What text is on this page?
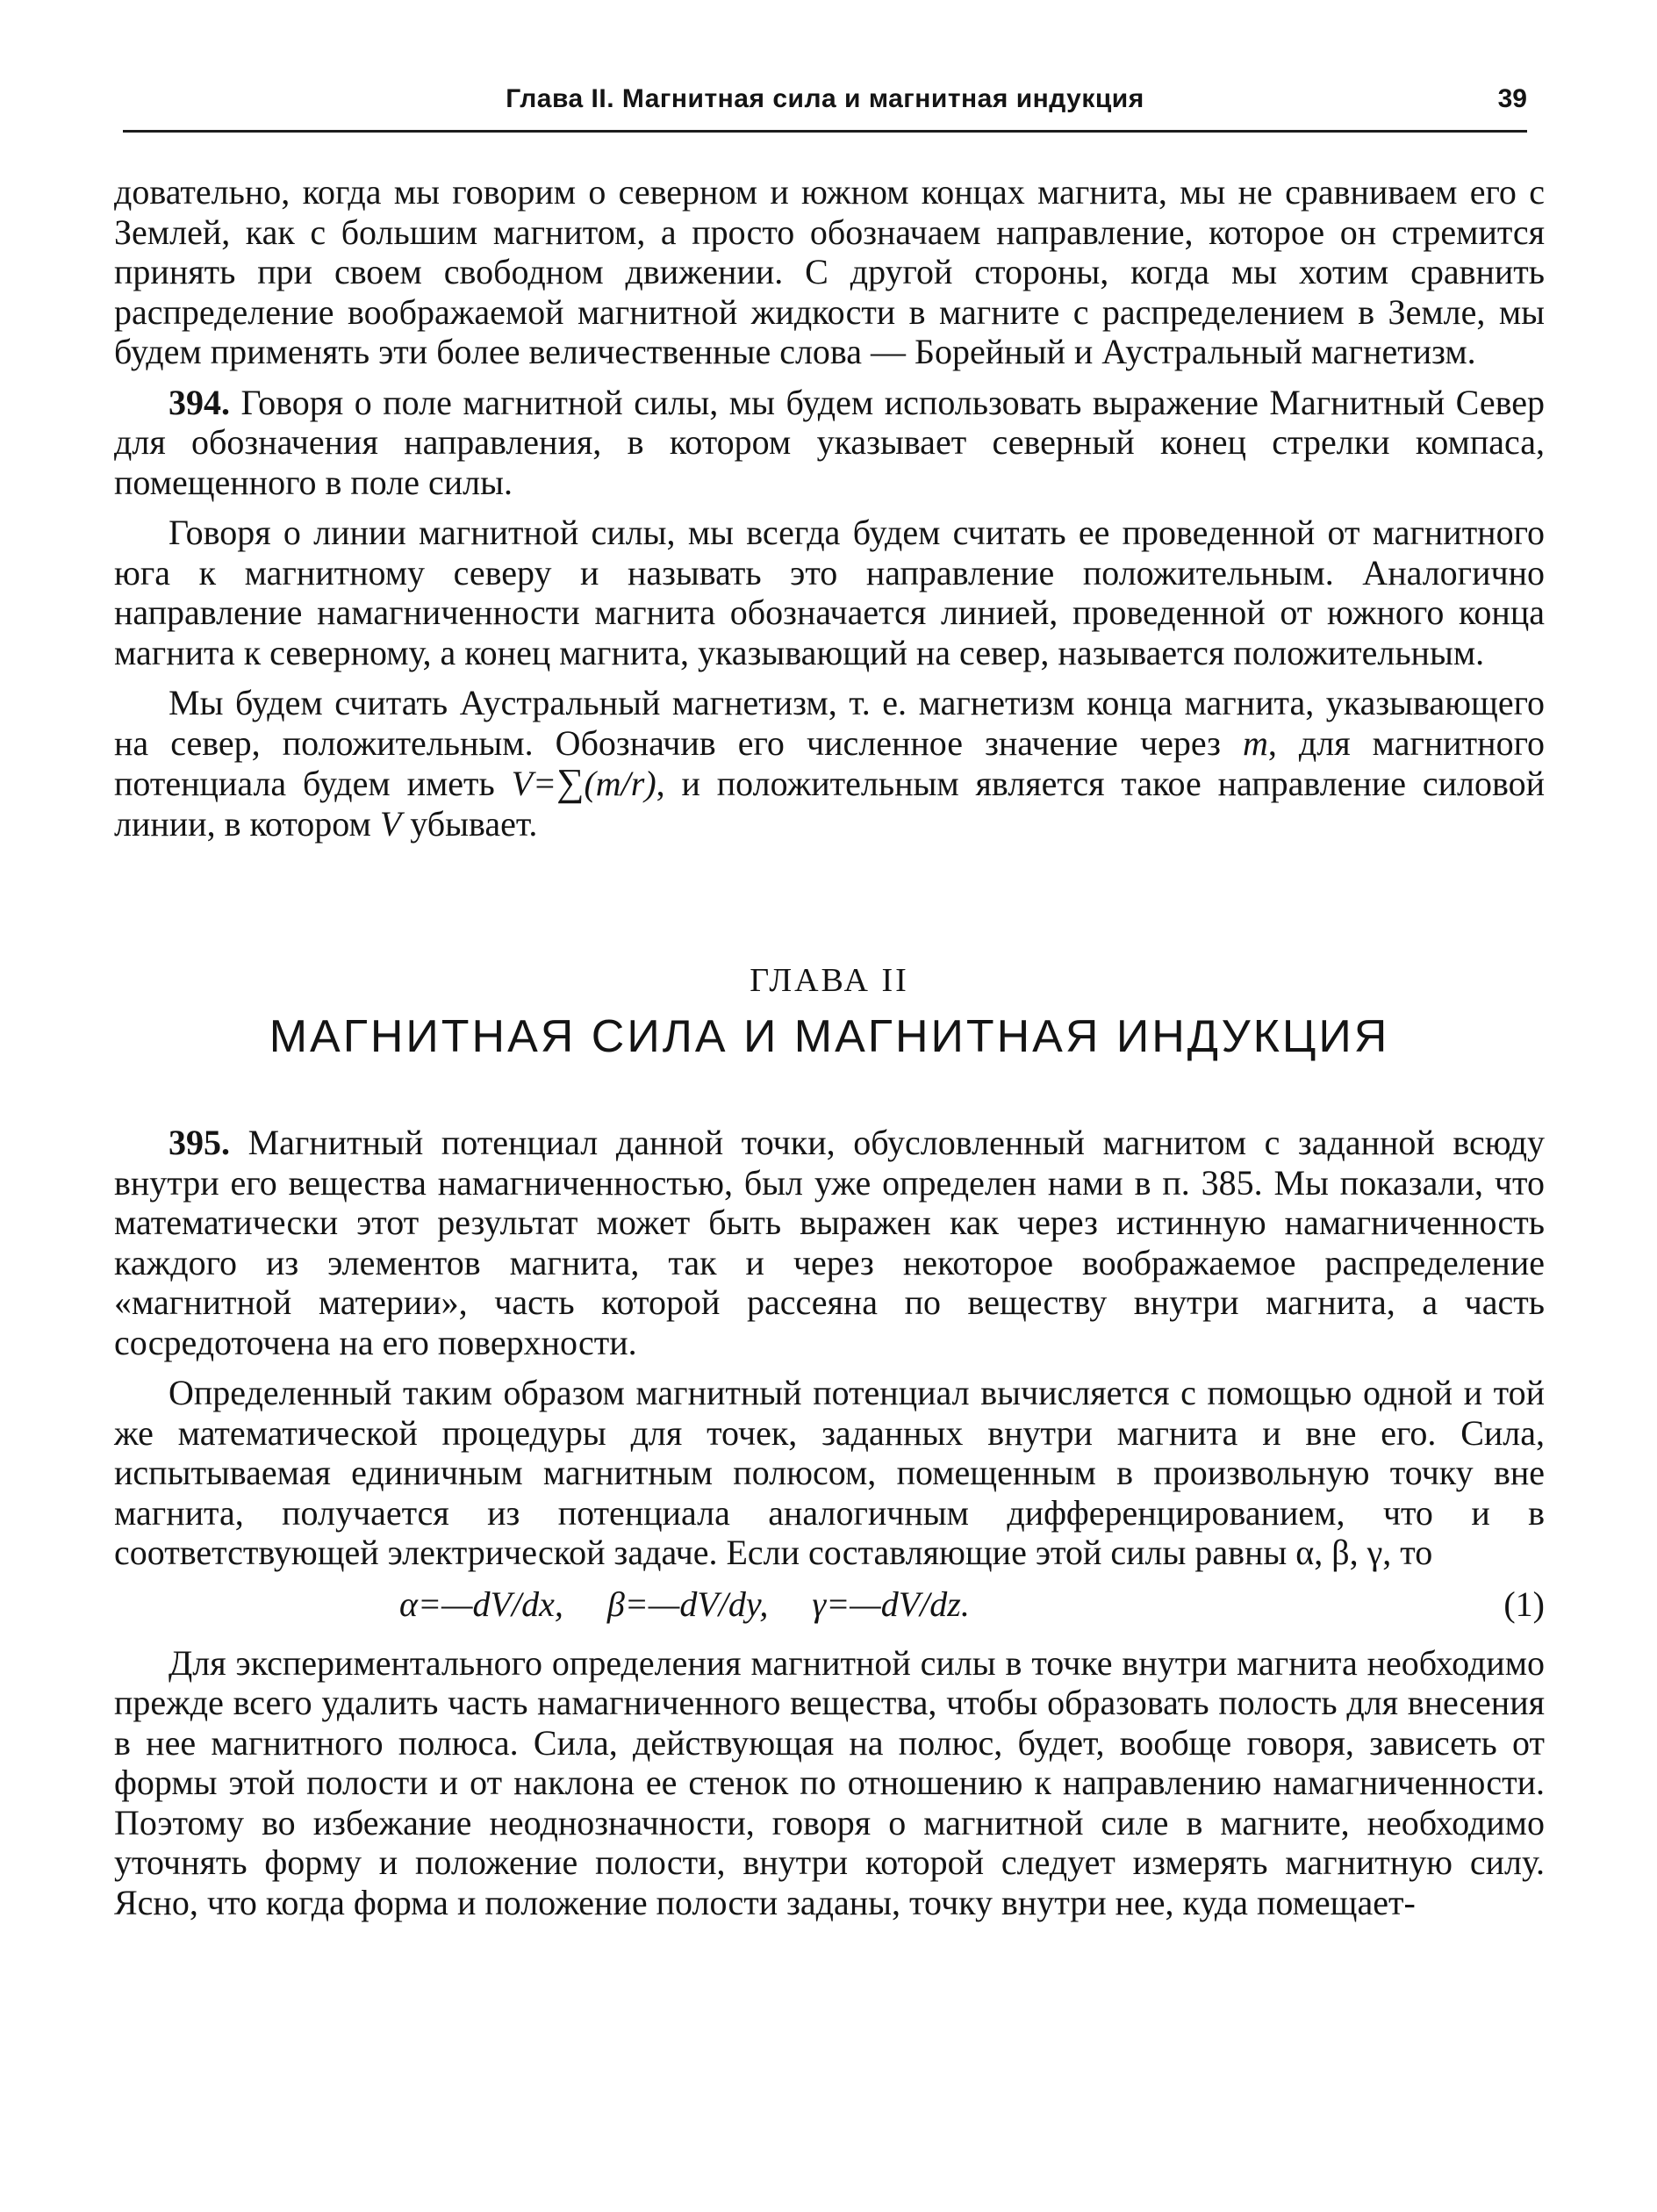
Глава II. Магнитная сила и магнитная индукция	39

довательно, когда мы говорим о северном и южном концах магнита, мы не сравниваем его с Землей, как с большим магнитом, а просто обозначаем направление, которое он стремится принять при своем свободном движении. С другой стороны, когда мы хотим сравнить распределение воображаемой магнитной жидкости в магните с распределением в Земле, мы будем применять эти более величественные слова — Борейный и Аустральный магнетизм.

394. Говоря о поле магнитной силы, мы будем использовать выражение Магнитный Север для обозначения направления, в котором указывает северный конец стрелки компаса, помещенного в поле силы.

Говоря о линии магнитной силы, мы всегда будем считать ее проведенной от магнитного юга к магнитному северу и называть это направление положительным. Аналогично направление намагниченности магнита обозначается линией, проведенной от южного конца магнита к северному, а конец магнита, указывающий на север, называется положительным.

Мы будем считать Аустральный магнетизм, т. е. магнетизм конца магнита, указывающего на север, положительным. Обозначив его численное значение через m, для магнитного потенциала будем иметь V=∑(m/r), и положительным является такое направление силовой линии, в котором V убывает.

ГЛАВА II
МАГНИТНАЯ СИЛА И МАГНИТНАЯ ИНДУКЦИЯ

395. Магнитный потенциал данной точки, обусловленный магнитом с заданной всюду внутри его вещества намагниченностью, был уже определен нами в п. 385. Мы показали, что математически этот результат может быть выражен как через истинную намагниченность каждого из элементов магнита, так и через некоторое воображаемое распределение «магнитной материи», часть которой рассеяна по веществу внутри магнита, а часть сосредоточена на его поверхности.

Определенный таким образом магнитный потенциал вычисляется с помощью одной и той же математической процедуры для точек, заданных внутри магнита и вне его. Сила, испытываемая единичным магнитным полюсом, помещенным в произвольную точку вне магнита, получается из потенциала аналогичным дифференцированием, что и в соответствующей электрической задаче. Если составляющие этой силы равны α, β, γ, то

α=—dV/dx,     β=—dV/dy,     γ=—dV/dz.	(1)

Для экспериментального определения магнитной силы в точке внутри магнита необходимо прежде всего удалить часть намагниченного вещества, чтобы образовать полость для внесения в нее магнитного полюса. Сила, действующая на полюс, будет, вообще говоря, зависеть от формы этой полости и от наклона ее стенок по отношению к направлению намагниченности. Поэтому во избежание неоднозначности, говоря о магнитной силе в магните, необходимо уточнять форму и положение полости, внутри которой следует измерять магнитную силу. Ясно, что когда форма и положение полости заданы, точку внутри нее, куда помещает-
